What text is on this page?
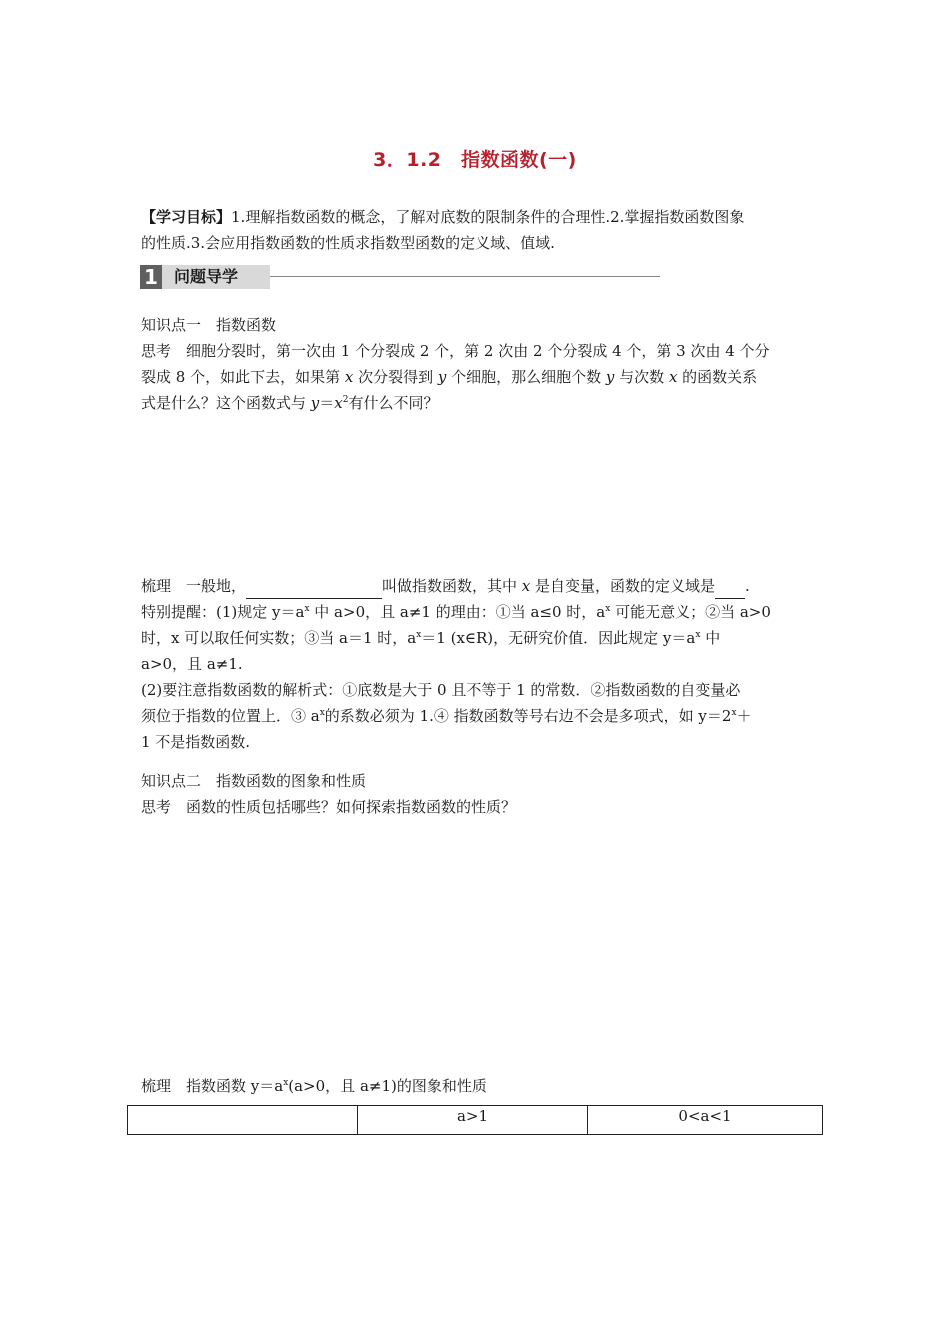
3．1.2　指数函数(一)
【学习目标】1.理解指数函数的概念，了解对底数的限制条件的合理性.2.掌握指数函数图象
的性质.3.会应用指数函数的性质求指数型函数的定义域、值域.
1	问题导学
知识点一　指数函数
思考　细胞分裂时，第一次由 1 个分裂成 2 个，第 2 次由 2 个分裂成 4 个，第 3 次由 4 个分
裂成 8 个，如此下去，如果第 x 次分裂得到 y 个细胞，那么细胞个数 y 与次数 x 的函数关系
式是什么？这个函数式与 $y=x^2$有什么不同？
梳理　一般地，	叫做指数函数，其中 x 是自变量，函数的定义域是 .
特别提醒：(1)规定 $y=a^x$ 中 a>0，且 a≠1 的理由：①当 a≤0 时，$a^x$ 可能无意义；②当 a>0
时，x 可以取任何实数；③当 a＝1 时，$a^x=1$ (x∈R)，无研究价值．因此规定 $y=a^x$ 中
a>0，且 a≠1.
(2)要注意指数函数的解析式：①底数是大于 0 且不等于 1 的常数．②指数函数的自变量必
须位于指数的位置上．③ $a^x$的系数必须为 1.④ 指数函数等号右边不会是多项式，如 $y=2^x+$
1 不是指数函数.
知识点二　指数函数的图象和性质
思考　函数的性质包括哪些？如何探索指数函数的性质？
梳理　指数函数 $y=a^x(a>0$，且 a≠1)的图象和性质
	a>1	0<a<1
